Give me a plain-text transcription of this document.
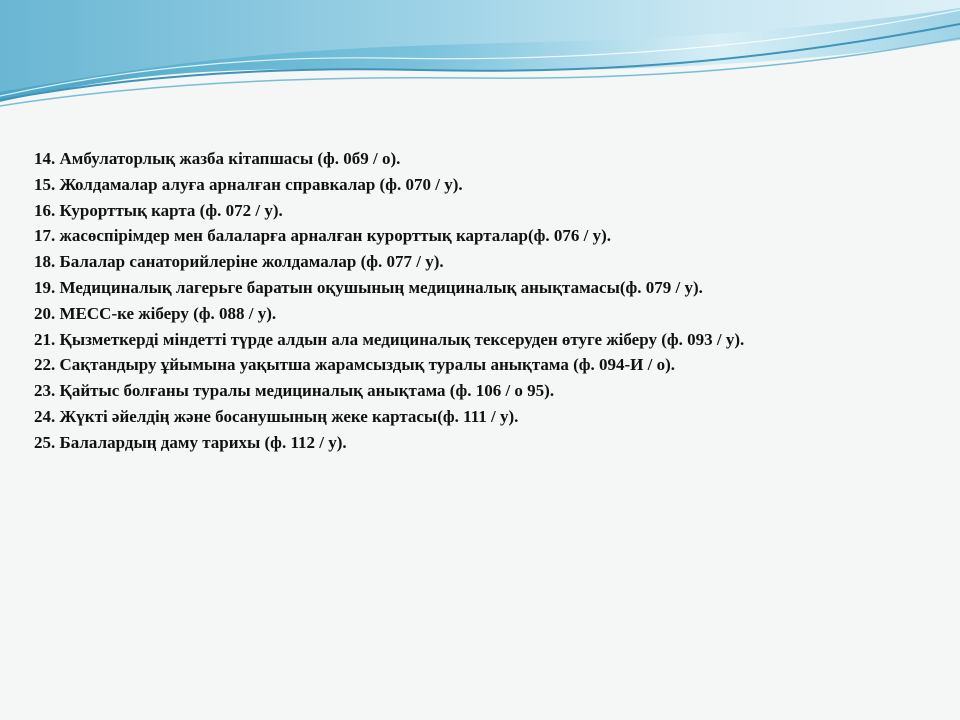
14. Амбулаторлық жазба кітапшасы (ф. 0б9 / о).

15. Жолдамалар алуға арналған справкалар (ф. 070 / у).

16. Курорттық карта (ф. 072 / у).

17. жасөспірімдер мен балаларға арналған курорттық карталар(ф. 076 / у).

18. Балалар санаторийлеріне жолдамалар (ф. 077 / у).

19. Медициналық лагерьге баратын оқушының медициналық анықтамасы(ф. 079 / у).

20. МЕСС-ке жіберу (ф. 088 / у).

21. Қызметкерді міндетті түрде алдын ала медициналық тексеруден өтуге жіберу (ф. 093 / у).

22. Сақтандыру ұйымына уақытша жарамсыздық туралы анықтама (ф. 094-И / о).

23. Қайтыс болғаны туралы медициналық анықтама (ф. 106 / о 95).

24. Жүкті әйелдің және босанушының жеке картасы(ф. 111 / у).

25. Балалардың даму тарихы (ф. 112 / у).
